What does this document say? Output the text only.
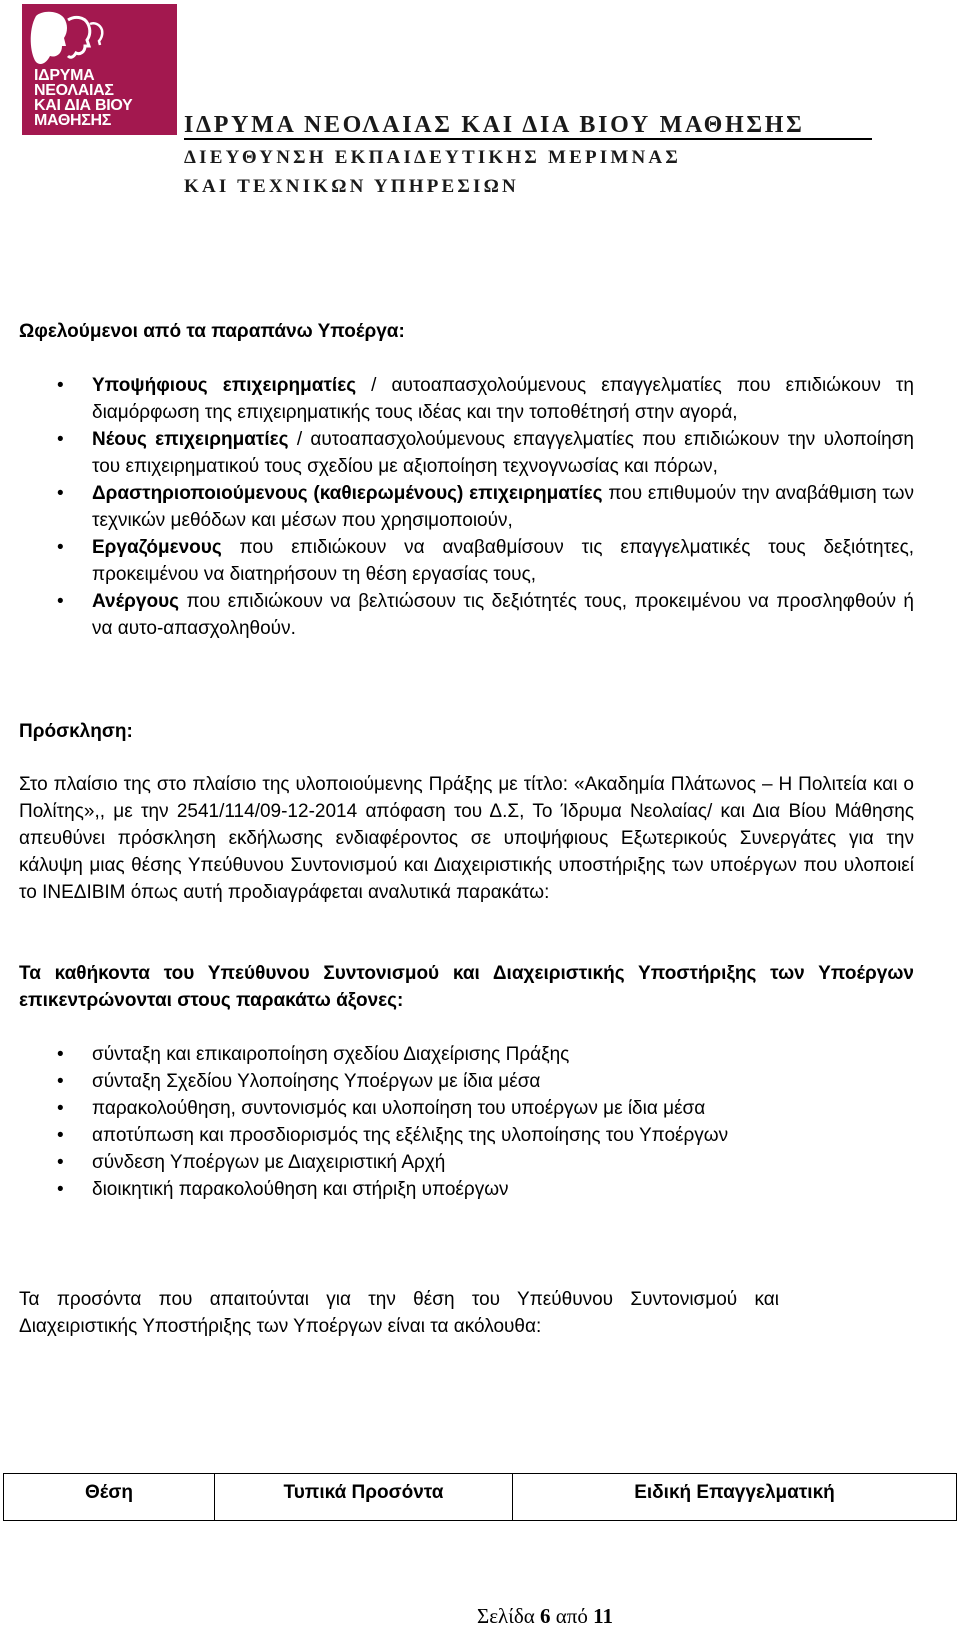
ΙΔΡΥΜΑ
ΝΕΟΛΑΙΑΣ
ΚΑΙ ΔΙΑ ΒΙΟΥ
ΜΑΘΗΣΗΣ	ΙΔΡΥΜΑ ΝΕΟΛΑΙΑΣ ΚΑΙ ΔΙΑ ΒΙΟΥ ΜΑΘΗΣΗΣ
ΔΙΕΥΘΥΝΣΗ ΕΚΠΑΙΔΕΥΤΙΚΗΣ ΜΕΡΙΜΝΑΣ
ΚΑΙ ΤΕΧΝΙΚΩΝ ΥΠΗΡΕΣΙΩΝ

Ωφελούμενοι από τα παραπάνω Υποέργα:

• Υποψήφιους επιχειρηματίες / αυτοαπασχολούμενους επαγγελματίες που επιδιώκουν τη διαμόρφωση της επιχειρηματικής τους ιδέας και την τοποθέτησή στην αγορά,
• Νέους επιχειρηματίες / αυτοαπασχολούμενους επαγγελματίες που επιδιώκουν την υλοποίηση του επιχειρηματικού τους σχεδίου με αξιοποίηση τεχνογνωσίας και πόρων,
• Δραστηριοποιούμενους (καθιερωμένους) επιχειρηματίες που επιθυμούν την αναβάθμιση των τεχνικών μεθόδων και μέσων που χρησιμοποιούν,
• Εργαζόμενους που επιδιώκουν να αναβαθμίσουν τις επαγγελματικές τους δεξιότητες, προκειμένου να διατηρήσουν τη θέση εργασίας τους,
• Ανέργους που επιδιώκουν να βελτιώσουν τις δεξιότητές τους, προκειμένου να προσληφθούν ή να αυτο-απασχοληθούν.

Πρόσκληση:

Στο πλαίσιο της στο πλαίσιο της υλοποιούμενης Πράξης με τίτλο: «Ακαδημία Πλάτωνος – Η Πολιτεία και ο Πολίτης»,, με την 2541/114/09-12-2014 απόφαση του Δ.Σ, Το Ίδρυμα Νεολαίας/ και Δια Βίου Μάθησης απευθύνει πρόσκληση εκδήλωσης ενδιαφέροντος σε υποψήφιους Εξωτερικούς Συνεργάτες για την κάλυψη μιας θέσης Υπεύθυνου Συντονισμού και Διαχειριστικής υποστήριξης των υποέργων που υλοποιεί το ΙΝΕΔΙΒΙΜ όπως αυτή προδιαγράφεται αναλυτικά παρακάτω:

Τα καθήκοντα του Υπεύθυνου Συντονισμού και Διαχειριστικής Υποστήριξης των Υποέργων επικεντρώνονται στους παρακάτω άξονες:

• σύνταξη και επικαιροποίηση σχεδίου Διαχείρισης Πράξης
• σύνταξη Σχεδίου Υλοποίησης Υποέργων με ίδια μέσα
• παρακολούθηση, συντονισμός και υλοποίηση του υποέργων με ίδια μέσα
• αποτύπωση και προσδιορισμός της εξέλιξης της υλοποίησης του Υποέργων
• σύνδεση Υποέργων με Διαχειριστική Αρχή
• διοικητική παρακολούθηση και στήριξη υποέργων

Τα προσόντα που απαιτούνται για την θέση του Υπεύθυνου Συντονισμού και Διαχειριστικής Υποστήριξης των Υποέργων είναι τα ακόλουθα:

Θέση	Τυπικά Προσόντα	Ειδική Επαγγελματική
Σελίδα 6 από 11
